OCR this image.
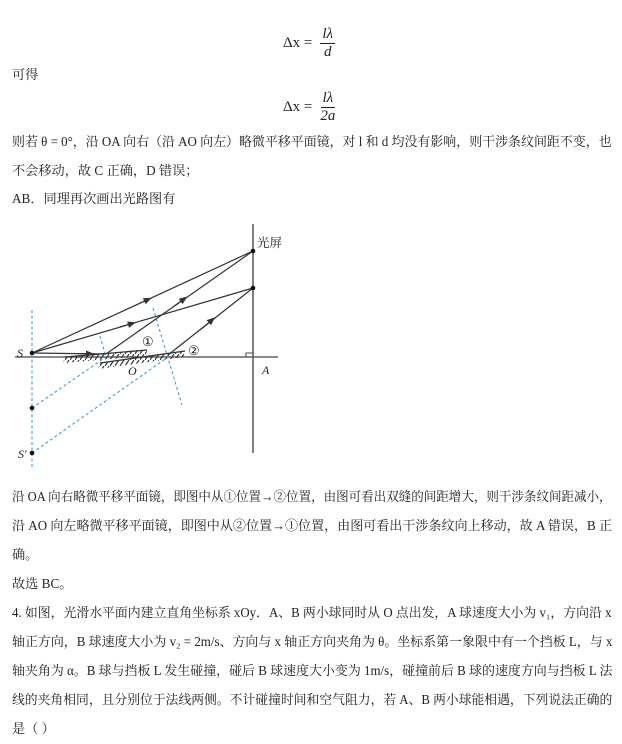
$\Delta x = \frac{l\lambda}{d}$
可得
$\Delta x = \frac{l\lambda}{2a}$
则若 θ = 0°，沿 OA 向右（沿 AO 向左）略微平移平面镜，对 l 和 d 均没有影响，则干涉条纹间距不变，也
不会移动，故 C 正确，D 错误；
AB．同理再次画出光路图有
光屏
S
S′
O	A
①
②
沿 OA 向右略微平移平面镜，即图中从①位置→②位置，由图可看出双缝的间距增大，则干涉条纹间距减小，
沿 AO 向左略微平移平面镜，即图中从②位置→①位置，由图可看出干涉条纹向上移动，故 A 错误，B 正
确。
故选 BC。
4. 如图，光滑水平面内建立直角坐标系 xOy．A、B 两小球同时从 O 点出发，A 球速度大小为 v₁，方向沿 x
轴正方向，B 球速度大小为 v₂ = 2m/s、方向与 x 轴正方向夹角为 θ。坐标系第一象限中有一个挡板 L，与 x
轴夹角为 α。B 球与挡板 L 发生碰撞，碰后 B 球速度大小变为 1m/s，碰撞前后 B 球的速度方向与挡板 L 法
线的夹角相同，且分别位于法线两侧。不计碰撞时间和空气阻力，若 A、B 两小球能相遇，下列说法正确的
是（ ）
